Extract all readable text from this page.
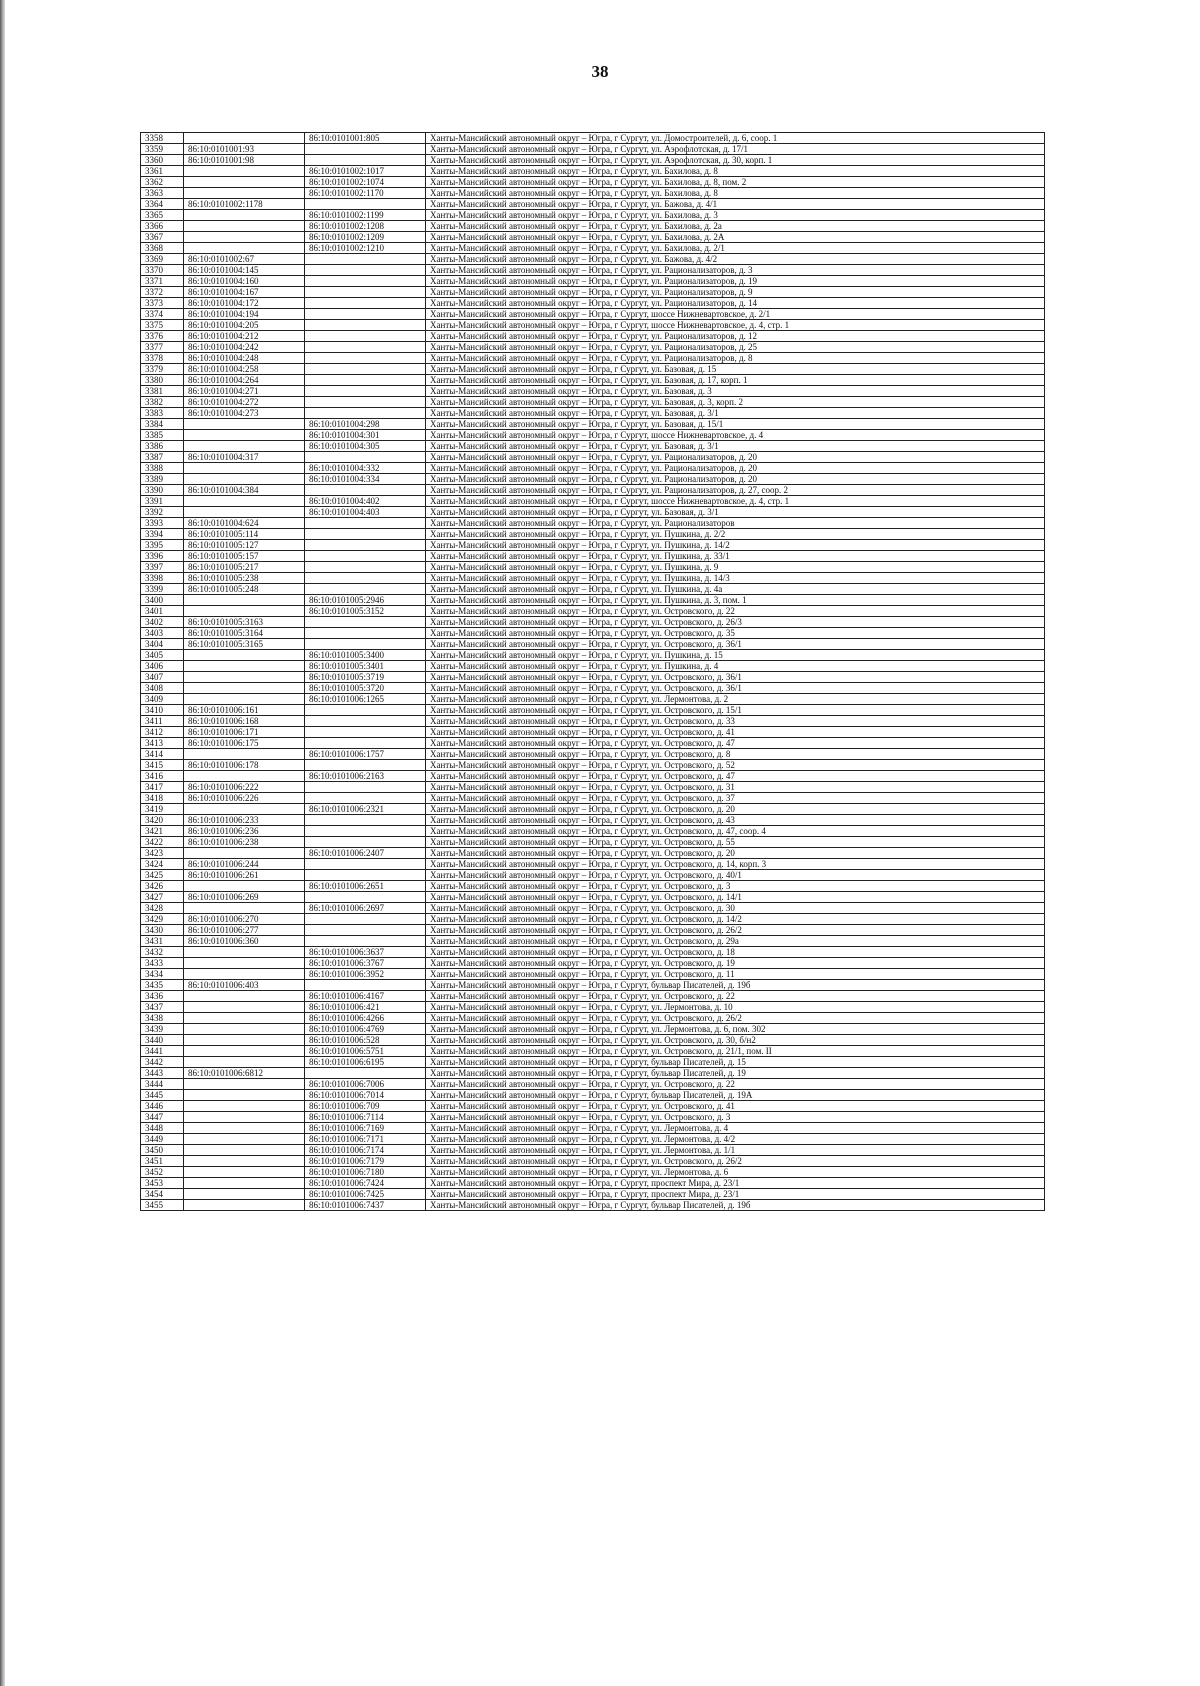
38
3358		86:10:0101001:805	Ханты-Мансийский автономный округ – Югра, г Сургут, ул. Домостроителей, д. 6, соор. 1
3359	86:10:0101001:93		Ханты-Мансийский автономный округ – Югра, г Сургут, ул. Аэрофлотская, д. 17/1
3360	86:10:0101001:98		Ханты-Мансийский автономный округ – Югра, г Сургут, ул. Аэрофлотская, д. 30, корп. 1
3361		86:10:0101002:1017	Ханты-Мансийский автономный округ – Югра, г Сургут, ул. Бахилова, д. 8
3362		86:10:0101002:1074	Ханты-Мансийский автономный округ – Югра, г Сургут, ул. Бахилова, д. 8, пом. 2
3363		86:10:0101002:1170	Ханты-Мансийский автономный округ – Югра, г Сургут, ул. Бахилова, д. 8
3364	86:10:0101002:1178		Ханты-Мансийский автономный округ – Югра, г Сургут, ул. Бажова, д. 4/1
3365		86:10:0101002:1199	Ханты-Мансийский автономный округ – Югра, г Сургут, ул. Бахилова, д. 3
3366		86:10:0101002:1208	Ханты-Мансийский автономный округ – Югра, г Сургут, ул. Бахилова, д. 2а
3367		86:10:0101002:1209	Ханты-Мансийский автономный округ – Югра, г Сургут, ул. Бахилова, д. 2А
3368		86:10:0101002:1210	Ханты-Мансийский автономный округ – Югра, г Сургут, ул. Бахилова, д. 2/1
3369	86:10:0101002:67		Ханты-Мансийский автономный округ – Югра, г Сургут, ул. Бажова, д. 4/2
3370	86:10:0101004:145		Ханты-Мансийский автономный округ – Югра, г Сургут, ул. Рационализаторов, д. 3
3371	86:10:0101004:160		Ханты-Мансийский автономный округ – Югра, г Сургут, ул. Рационализаторов, д. 19
3372	86:10:0101004:167		Ханты-Мансийский автономный округ – Югра, г Сургут, ул. Рационализаторов, д. 9
3373	86:10:0101004:172		Ханты-Мансийский автономный округ – Югра, г Сургут, ул. Рационализаторов, д. 14
3374	86:10:0101004:194		Ханты-Мансийский автономный округ – Югра, г Сургут, шоссе Нижневартовское, д. 2/1
3375	86:10:0101004:205		Ханты-Мансийский автономный округ – Югра, г Сургут, шоссе Нижневартовское, д. 4, стр. 1
3376	86:10:0101004:212		Ханты-Мансийский автономный округ – Югра, г Сургут, ул. Рационализаторов, д. 12
3377	86:10:0101004:242		Ханты-Мансийский автономный округ – Югра, г Сургут, ул. Рационализаторов, д. 25
3378	86:10:0101004:248		Ханты-Мансийский автономный округ – Югра, г Сургут, ул. Рационализаторов, д. 8
3379	86:10:0101004:258		Ханты-Мансийский автономный округ – Югра, г Сургут, ул. Базовая, д. 15
3380	86:10:0101004:264		Ханты-Мансийский автономный округ – Югра, г Сургут, ул. Базовая, д. 17, корп. 1
3381	86:10:0101004:271		Ханты-Мансийский автономный округ – Югра, г Сургут, ул. Базовая, д. 3
3382	86:10:0101004:272		Ханты-Мансийский автономный округ – Югра, г Сургут, ул. Базовая, д. 3, корп. 2
3383	86:10:0101004:273		Ханты-Мансийский автономный округ – Югра, г Сургут, ул. Базовая, д. 3/1
3384		86:10:0101004:298	Ханты-Мансийский автономный округ – Югра, г Сургут, ул. Базовая, д. 15/1
3385		86:10:0101004:301	Ханты-Мансийский автономный округ – Югра, г Сургут, шоссе Нижневартовское, д. 4
3386		86:10:0101004:305	Ханты-Мансийский автономный округ – Югра, г Сургут, ул. Базовая, д. 3/1
3387	86:10:0101004:317		Ханты-Мансийский автономный округ – Югра, г Сургут, ул. Рационализаторов, д. 20
3388		86:10:0101004:332	Ханты-Мансийский автономный округ – Югра, г Сургут, ул. Рационализаторов, д. 20
3389		86:10:0101004:334	Ханты-Мансийский автономный округ – Югра, г Сургут, ул. Рационализаторов, д. 20
3390	86:10:0101004:384		Ханты-Мансийский автономный округ – Югра, г Сургут, ул. Рационализаторов, д. 27, соор. 2
3391		86:10:0101004:402	Ханты-Мансийский автономный округ – Югра, г Сургут, шоссе Нижневартовское, д. 4, стр. 1
3392		86:10:0101004:403	Ханты-Мансийский автономный округ – Югра, г Сургут, ул. Базовая, д. 3/1
3393	86:10:0101004:624		Ханты-Мансийский автономный округ – Югра, г Сургут, ул. Рационализаторов
3394	86:10:0101005:114		Ханты-Мансийский автономный округ – Югра, г Сургут, ул. Пушкина, д. 2/2
3395	86:10:0101005:127		Ханты-Мансийский автономный округ – Югра, г Сургут, ул. Пушкина, д. 14/2
3396	86:10:0101005:157		Ханты-Мансийский автономный округ – Югра, г Сургут, ул. Пушкина, д. 33/1
3397	86:10:0101005:217		Ханты-Мансийский автономный округ – Югра, г Сургут, ул. Пушкина, д. 9
3398	86:10:0101005:238		Ханты-Мансийский автономный округ – Югра, г Сургут, ул. Пушкина, д. 14/3
3399	86:10:0101005:248		Ханты-Мансийский автономный округ – Югра, г Сургут, ул. Пушкина, д. 4а
3400		86:10:0101005:2946	Ханты-Мансийский автономный округ – Югра, г Сургут, ул. Пушкина, д. 3, пом. 1
3401		86:10:0101005:3152	Ханты-Мансийский автономный округ – Югра, г Сургут, ул. Островского, д. 22
3402	86:10:0101005:3163		Ханты-Мансийский автономный округ – Югра, г Сургут, ул. Островского, д. 26/3
3403	86:10:0101005:3164		Ханты-Мансийский автономный округ – Югра, г Сургут, ул. Островского, д. 35
3404	86:10:0101005:3165		Ханты-Мансийский автономный округ – Югра, г Сургут, ул. Островского, д. 36/1
3405		86:10:0101005:3400	Ханты-Мансийский автономный округ – Югра, г Сургут, ул. Пушкина, д. 15
3406		86:10:0101005:3401	Ханты-Мансийский автономный округ – Югра, г Сургут, ул. Пушкина, д. 4
3407		86:10:0101005:3719	Ханты-Мансийский автономный округ – Югра, г Сургут, ул. Островского, д. 36/1
3408		86:10:0101005:3720	Ханты-Мансийский автономный округ – Югра, г Сургут, ул. Островского, д. 36/1
3409		86:10:0101006:1265	Ханты-Мансийский автономный округ – Югра, г Сургут, ул. Лермонтова, д. 2
3410	86:10:0101006:161		Ханты-Мансийский автономный округ – Югра, г Сургут, ул. Островского, д. 15/1
3411	86:10:0101006:168		Ханты-Мансийский автономный округ – Югра, г Сургут, ул. Островского, д. 33
3412	86:10:0101006:171		Ханты-Мансийский автономный округ – Югра, г Сургут, ул. Островского, д. 41
3413	86:10:0101006:175		Ханты-Мансийский автономный округ – Югра, г Сургут, ул. Островского, д. 47
3414		86:10:0101006:1757	Ханты-Мансийский автономный округ – Югра, г Сургут, ул. Островского, д. 8
3415	86:10:0101006:178		Ханты-Мансийский автономный округ – Югра, г Сургут, ул. Островского, д. 52
3416		86:10:0101006:2163	Ханты-Мансийский автономный округ – Югра, г Сургут, ул. Островского, д. 47
3417	86:10:0101006:222		Ханты-Мансийский автономный округ – Югра, г Сургут, ул. Островского, д. 31
3418	86:10:0101006:226		Ханты-Мансийский автономный округ – Югра, г Сургут, ул. Островского, д. 37
3419		86:10:0101006:2321	Ханты-Мансийский автономный округ – Югра, г Сургут, ул. Островского, д. 20
3420	86:10:0101006:233		Ханты-Мансийский автономный округ – Югра, г Сургут, ул. Островского, д. 43
3421	86:10:0101006:236		Ханты-Мансийский автономный округ – Югра, г Сургут, ул. Островского, д. 47, соор. 4
3422	86:10:0101006:238		Ханты-Мансийский автономный округ – Югра, г Сургут, ул. Островского, д. 55
3423		86:10:0101006:2407	Ханты-Мансийский автономный округ – Югра, г Сургут, ул. Островского, д. 20
3424	86:10:0101006:244		Ханты-Мансийский автономный округ – Югра, г Сургут, ул. Островского, д. 14, корп. 3
3425	86:10:0101006:261		Ханты-Мансийский автономный округ – Югра, г Сургут, ул. Островского, д. 40/1
3426		86:10:0101006:2651	Ханты-Мансийский автономный округ – Югра, г Сургут, ул. Островского, д. 3
3427	86:10:0101006:269		Ханты-Мансийский автономный округ – Югра, г Сургут, ул. Островского, д. 14/1
3428		86:10:0101006:2697	Ханты-Мансийский автономный округ – Югра, г Сургут, ул. Островского, д. 30
3429	86:10:0101006:270		Ханты-Мансийский автономный округ – Югра, г Сургут, ул. Островского, д. 14/2
3430	86:10:0101006:277		Ханты-Мансийский автономный округ – Югра, г Сургут, ул. Островского, д. 26/2
3431	86:10:0101006:360		Ханты-Мансийский автономный округ – Югра, г Сургут, ул. Островского, д. 29а
3432		86:10:0101006:3637	Ханты-Мансийский автономный округ – Югра, г Сургут, ул. Островского, д. 18
3433		86:10:0101006:3767	Ханты-Мансийский автономный округ – Югра, г Сургут, ул. Островского, д. 19
3434		86:10:0101006:3952	Ханты-Мансийский автономный округ – Югра, г Сургут, ул. Островского, д. 11
3435	86:10:0101006:403		Ханты-Мансийский автономный округ – Югра, г Сургут, бульвар Писателей, д. 19б
3436		86:10:0101006:4167	Ханты-Мансийский автономный округ – Югра, г Сургут, ул. Островского, д. 22
3437		86:10:0101006:421	Ханты-Мансийский автономный округ – Югра, г Сургут, ул. Лермонтова, д. 10
3438		86:10:0101006:4266	Ханты-Мансийский автономный округ – Югра, г Сургут, ул. Островского, д. 26/2
3439		86:10:0101006:4769	Ханты-Мансийский автономный округ – Югра, г Сургут, ул. Лермонтова, д. 6, пом. 302
3440		86:10:0101006:528	Ханты-Мансийский автономный округ – Югра, г Сургут, ул. Островского, д. 30, б/н2
3441		86:10:0101006:5751	Ханты-Мансийский автономный округ – Югра, г Сургут, ул. Островского, д. 21/1, пом. II
3442		86:10:0101006:6195	Ханты-Мансийский автономный округ – Югра, г Сургут, бульвар Писателей, д. 15
3443	86:10:0101006:6812		Ханты-Мансийский автономный округ – Югра, г Сургут, бульвар Писателей, д. 19
3444		86:10:0101006:7006	Ханты-Мансийский автономный округ – Югра, г Сургут, ул. Островского, д. 22
3445		86:10:0101006:7014	Ханты-Мансийский автономный округ – Югра, г Сургут, бульвар Писателей, д. 19А
3446		86:10:0101006:709	Ханты-Мансийский автономный округ – Югра, г Сургут, ул. Островского, д. 41
3447		86:10:0101006:7114	Ханты-Мансийский автономный округ – Югра, г Сургут, ул. Островского, д. 3
3448		86:10:0101006:7169	Ханты-Мансийский автономный округ – Югра, г Сургут, ул. Лермонтова, д. 4
3449		86:10:0101006:7171	Ханты-Мансийский автономный округ – Югра, г Сургут, ул. Лермонтова, д. 4/2
3450		86:10:0101006:7174	Ханты-Мансийский автономный округ – Югра, г Сургут, ул. Лермонтова, д. 1/1
3451		86:10:0101006:7179	Ханты-Мансийский автономный округ – Югра, г Сургут, ул. Островского, д. 26/2
3452		86:10:0101006:7180	Ханты-Мансийский автономный округ – Югра, г Сургут, ул. Лермонтова, д. 6
3453		86:10:0101006:7424	Ханты-Мансийский автономный округ – Югра, г Сургут, проспект Мира, д. 23/1
3454		86:10:0101006:7425	Ханты-Мансийский автономный округ – Югра, г Сургут, проспект Мира, д. 23/1
3455		86:10:0101006:7437	Ханты-Мансийский автономный округ – Югра, г Сургут, бульвар Писателей, д. 19б
